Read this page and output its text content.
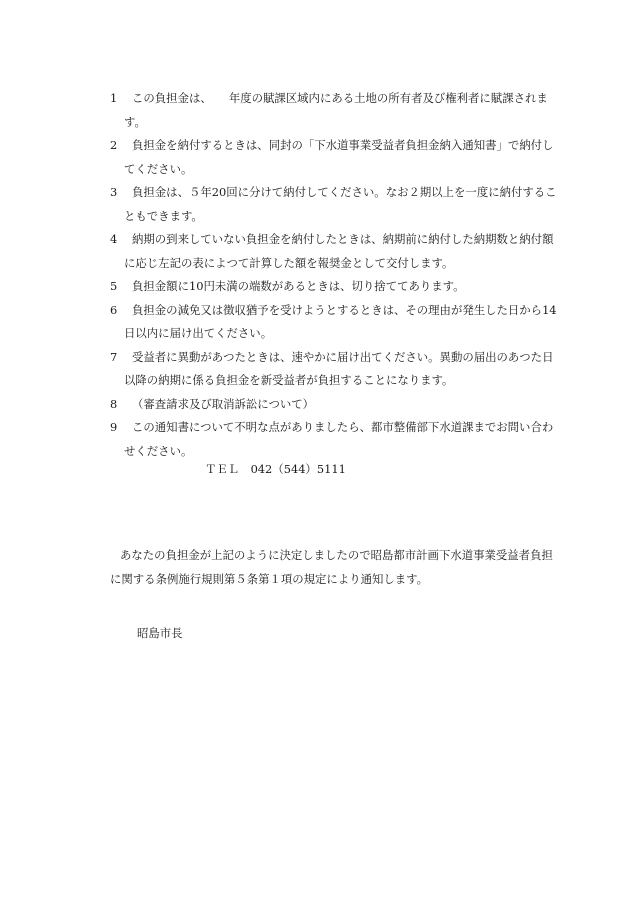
1	この負担金は、　　年度の賦課区域内にある土地の所有者及び権利者に賦課されま
す。
2	負担金を納付するときは、同封の「下水道事業受益者負担金納入通知書」で納付し
てください。
3	負担金は、５年20回に分けて納付してください。なお２期以上を一度に納付するこ
ともできます。
4	納期の到来していない負担金を納付したときは、納期前に納付した納期数と納付額
に応じ左記の表によつて計算した額を報奨金として交付します。
5	負担金額に10円未満の端数があるときは、切り捨ててあります。
6	負担金の減免又は徴収猶予を受けようとするときは、その理由が発生した日から14
日以内に届け出てください。
7	受益者に異動があつたときは、速やかに届け出てください。異動の届出のあつた日
以降の納期に係る負担金を新受益者が負担することになります。
8	（審査請求及び取消訴訟について）
9	この通知書について不明な点がありましたら、都市整備部下水道課までお問い合わ
せください。
ＴＥＬ　042（544）5111
あなたの負担金が上記のように決定しましたので昭島都市計画下水道事業受益者負担
に関する条例施行規則第５条第１項の規定により通知します。
昭島市長
